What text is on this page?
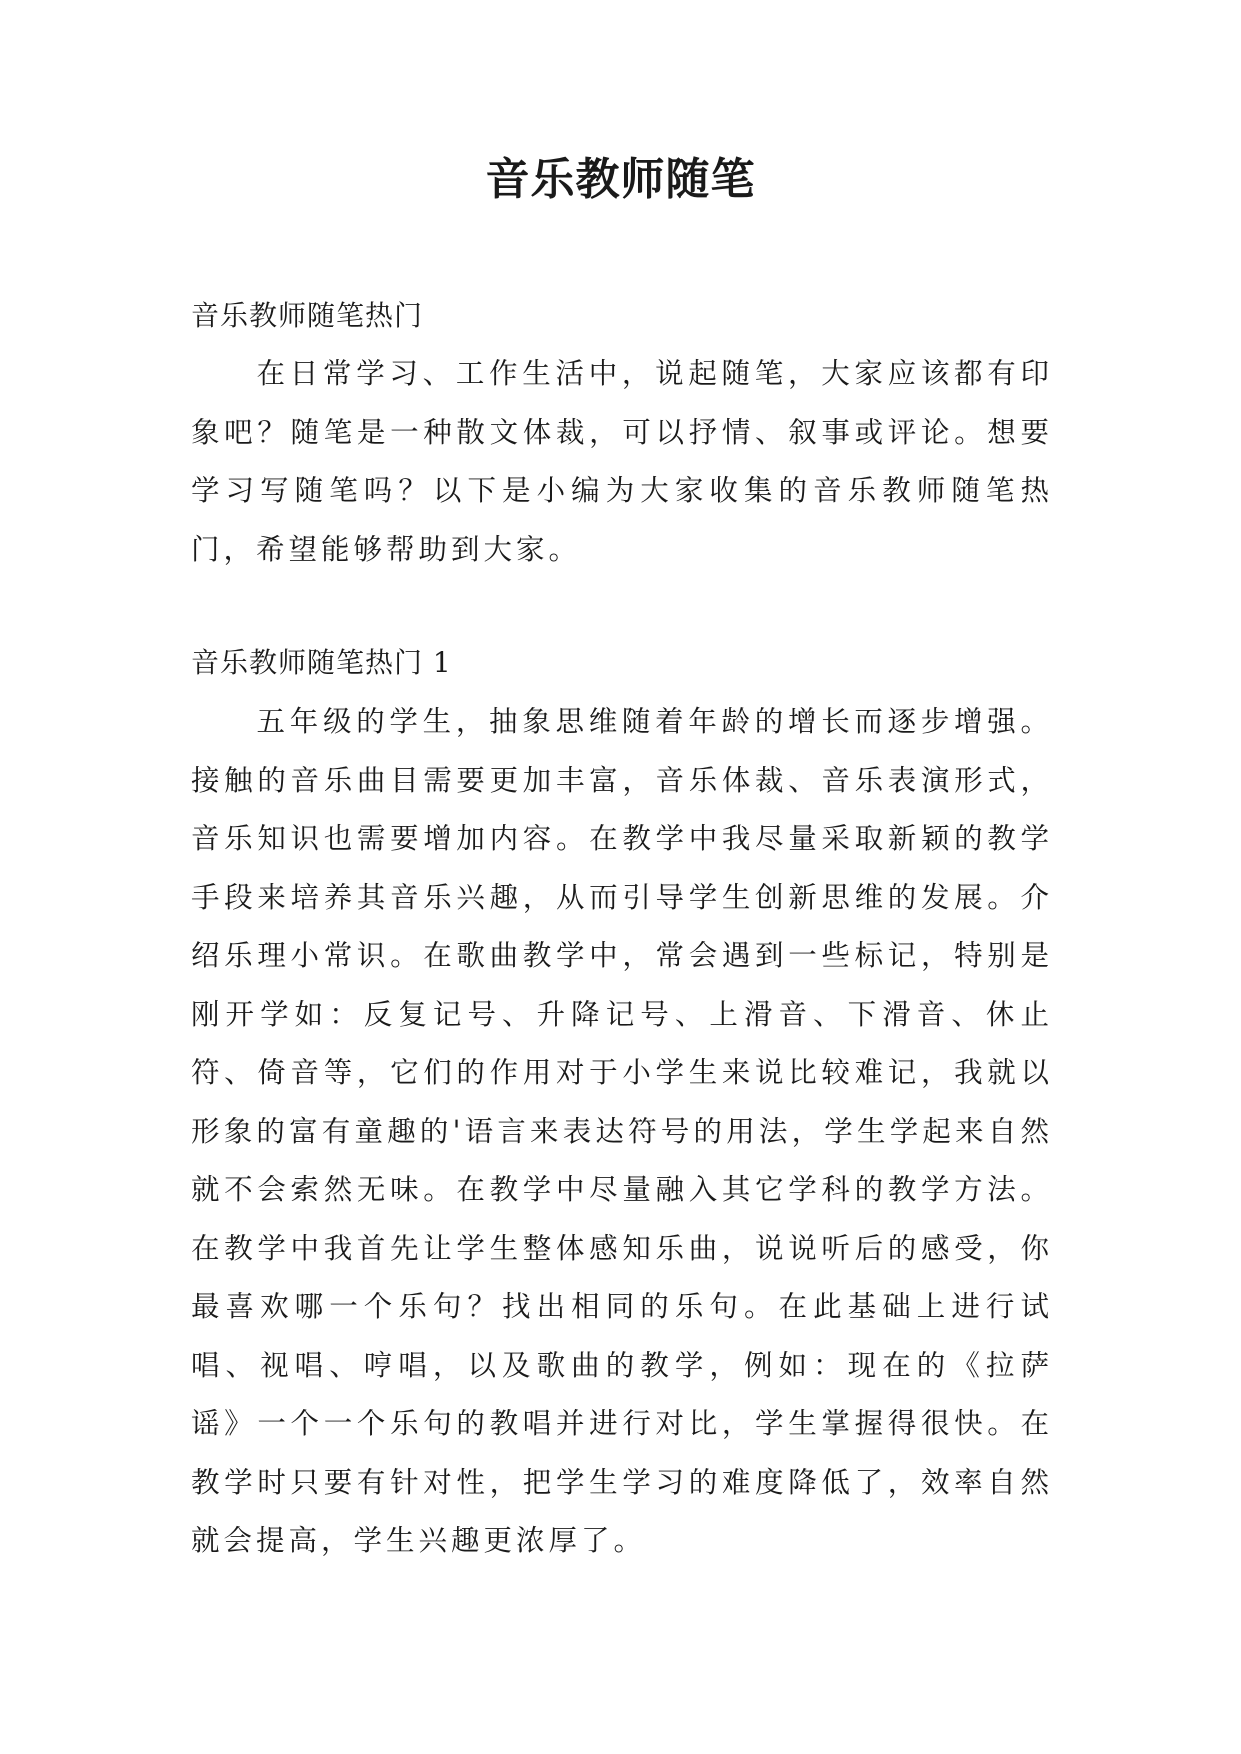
音乐教师随笔
音乐教师随笔热门
在日常学习、工作生活中，说起随笔，大家应该都有印象吧？随笔是一种散文体裁，可以抒情、叙事或评论。想要学习写随笔吗？以下是小编为大家收集的音乐教师随笔热门，希望能够帮助到大家。
音乐教师随笔热门 1
五年级的学生，抽象思维随着年龄的增长而逐步增强。接触的音乐曲目需要更加丰富，音乐体裁、音乐表演形式，音乐知识也需要增加内容。在教学中我尽量采取新颖的教学手段来培养其音乐兴趣，从而引导学生创新思维的发展。介绍乐理小常识。在歌曲教学中，常会遇到一些标记，特别是刚开学如：反复记号、升降记号、上滑音、下滑音、休止符、倚音等，它们的作用对于小学生来说比较难记，我就以形象的富有童趣的'语言来表达符号的用法，学生学起来自然就不会索然无味。在教学中尽量融入其它学科的教学方法。在教学中我首先让学生整体感知乐曲，说说听后的感受，你最喜欢哪一个乐句？找出相同的乐句。在此基础上进行试唱、视唱、哼唱，以及歌曲的教学，例如：现在的《拉萨谣》一个一个乐句的教唱并进行对比，学生掌握得很快。在教学时只要有针对性，把学生学习的难度降低了，效率自然就会提高，学生兴趣更浓厚了。
